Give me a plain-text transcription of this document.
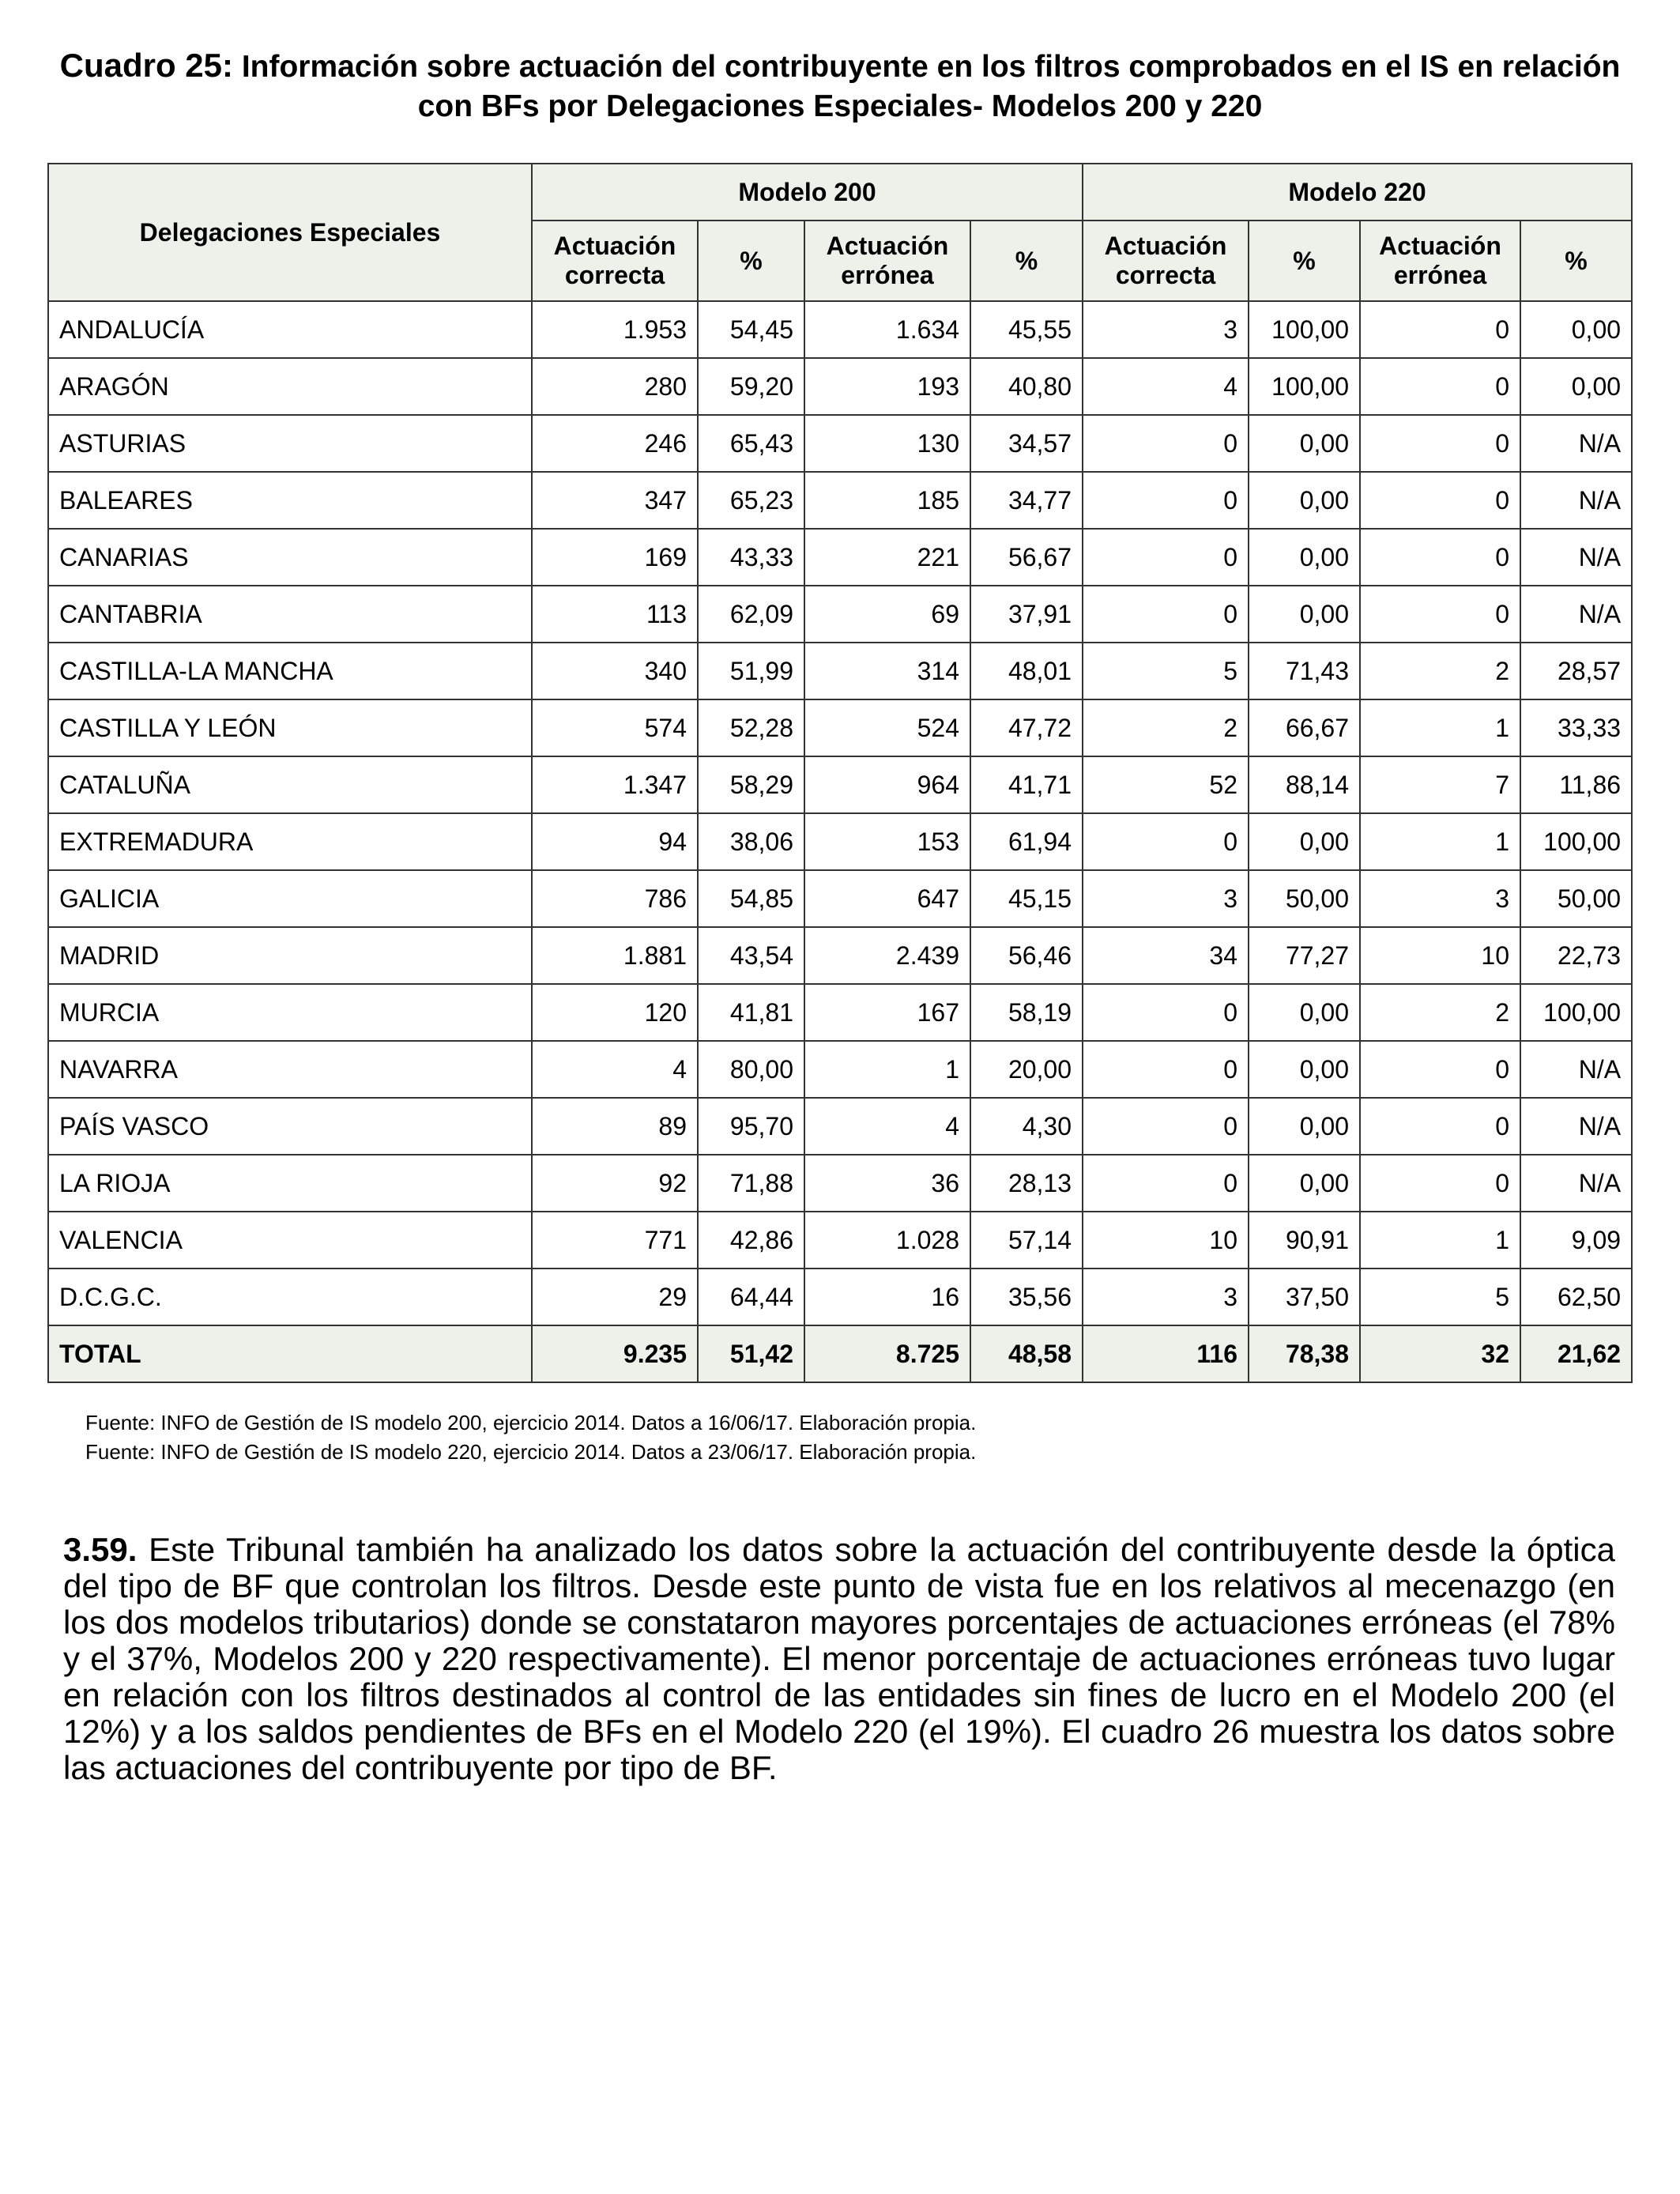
Cuadro 25: Información sobre actuación del contribuyente en los filtros comprobados en el IS en relación con BFs por Delegaciones Especiales- Modelos 200 y 220
Delegaciones Especiales	Modelo 200				Modelo 220			
	Actuación correcta	%	Actuación errónea	%	Actuación correcta	%	Actuación errónea	%
ANDALUCÍA	1.953	54,45	1.634	45,55	3	100,00	0	0,00
ARAGÓN	280	59,20	193	40,80	4	100,00	0	0,00
ASTURIAS	246	65,43	130	34,57	0	0,00	0	N/A
BALEARES	347	65,23	185	34,77	0	0,00	0	N/A
CANARIAS	169	43,33	221	56,67	0	0,00	0	N/A
CANTABRIA	113	62,09	69	37,91	0	0,00	0	N/A
CASTILLA-LA MANCHA	340	51,99	314	48,01	5	71,43	2	28,57
CASTILLA Y LEÓN	574	52,28	524	47,72	2	66,67	1	33,33
CATALUÑA	1.347	58,29	964	41,71	52	88,14	7	11,86
EXTREMADURA	94	38,06	153	61,94	0	0,00	1	100,00
GALICIA	786	54,85	647	45,15	3	50,00	3	50,00
MADRID	1.881	43,54	2.439	56,46	34	77,27	10	22,73
MURCIA	120	41,81	167	58,19	0	0,00	2	100,00
NAVARRA	4	80,00	1	20,00	0	0,00	0	N/A
PAÍS VASCO	89	95,70	4	4,30	0	0,00	0	N/A
LA RIOJA	92	71,88	36	28,13	0	0,00	0	N/A
VALENCIA	771	42,86	1.028	57,14	10	90,91	1	9,09
D.C.G.C.	29	64,44	16	35,56	3	37,50	5	62,50
TOTAL	9.235	51,42	8.725	48,58	116	78,38	32	21,62
Fuente: INFO de Gestión de IS modelo 200, ejercicio 2014. Datos a 16/06/17. Elaboración propia.
Fuente: INFO de Gestión de IS modelo 220, ejercicio 2014. Datos a 23/06/17. Elaboración propia.

3.59. Este Tribunal también ha analizado los datos sobre la actuación del contribuyente desde la óptica del tipo de BF que controlan los filtros. Desde este punto de vista fue en los relativos al mecenazgo (en los dos modelos tributarios) donde se constataron mayores porcentajes de actuaciones erróneas (el 78% y el 37%, Modelos 200 y 220 respectivamente). El menor porcentaje de actuaciones erróneas tuvo lugar en relación con los filtros destinados al control de las entidades sin fines de lucro en el Modelo 200 (el 12%) y a los saldos pendientes de BFs en el Modelo 220 (el 19%). El cuadro 26 muestra los datos sobre las actuaciones del contribuyente por tipo de BF.
